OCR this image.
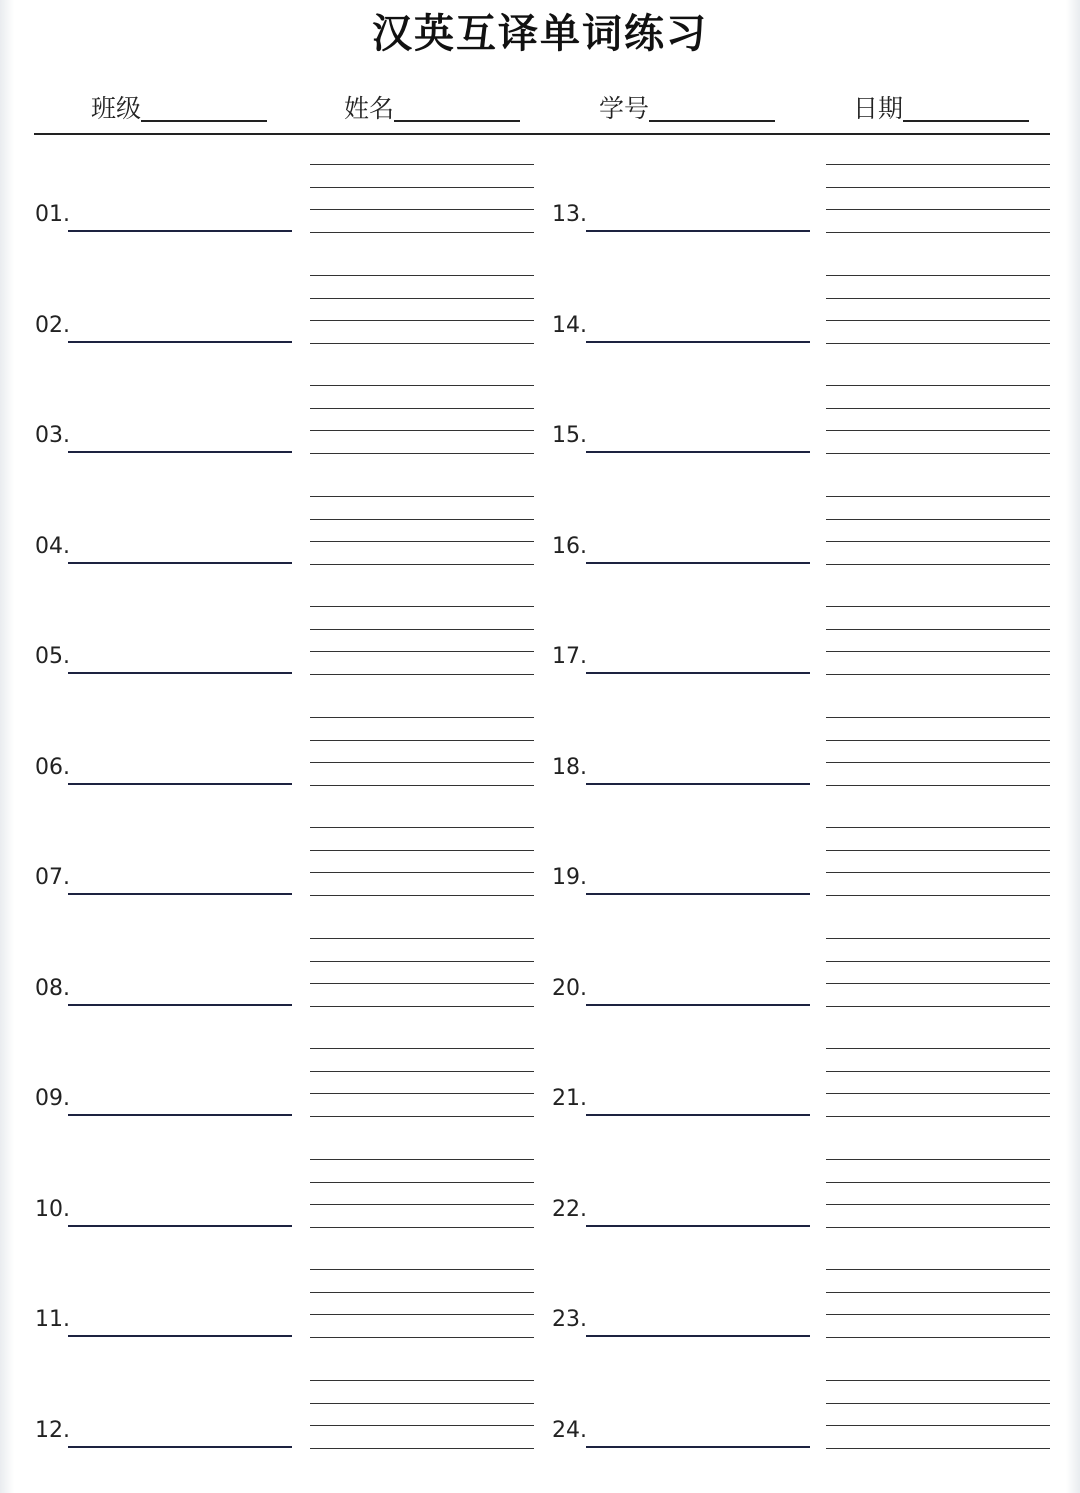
汉英互译单词练习
班级	姓名	学号	日期
01.
02.
03.
04.
05.
06.
07.
08.
09.
10.
11.
12.
13.
14.
15.
16.
17.
18.
19.
20.
21.
22.
23.
24.
